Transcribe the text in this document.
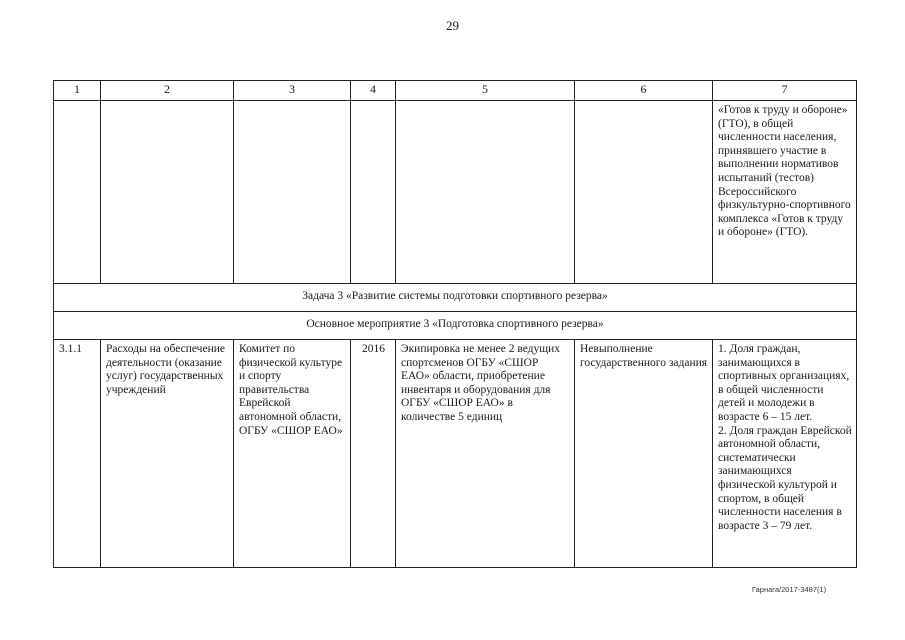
29
1	2	3	4	5	6	7
						«Готов к труду и обороне» (ГТО), в общей численности населения, принявшего участие в выполнении нормативов испытаний (тестов) Всероссийского физкультурно-спортивного комплекса «Готов к труду и обороне» (ГТО).
Задача 3 «Развитие системы подготовки спортивного резерва»						
Основное мероприятие 3 «Подготовка спортивного резерва»						
3.1.1	Расходы на обеспечение деятельности (оказание услуг) государственных учреждений	Комитет по физической культуре и спорту правительства Еврейской автономной области, ОГБУ «СШОР ЕАО»	2016	Экипировка не менее 2 ведущих спортсменов ОГБУ «СШОР ЕАО» области, приобретение инвентаря и оборудования для ОГБУ «СШОР ЕАО» в количестве 5 единиц	Невыполнение государственного задания	1. Доля граждан, занимающихся в спортивных организациях, в общей численности детей и молодежи в возрасте 6 – 15 лет.
2. Доля граждан Еврейской автономной области, систематически занимающихся физической культурой и спортом, в общей численности населения в возрасте 3 – 79 лет.
Гарнага/2017-3487(1)
